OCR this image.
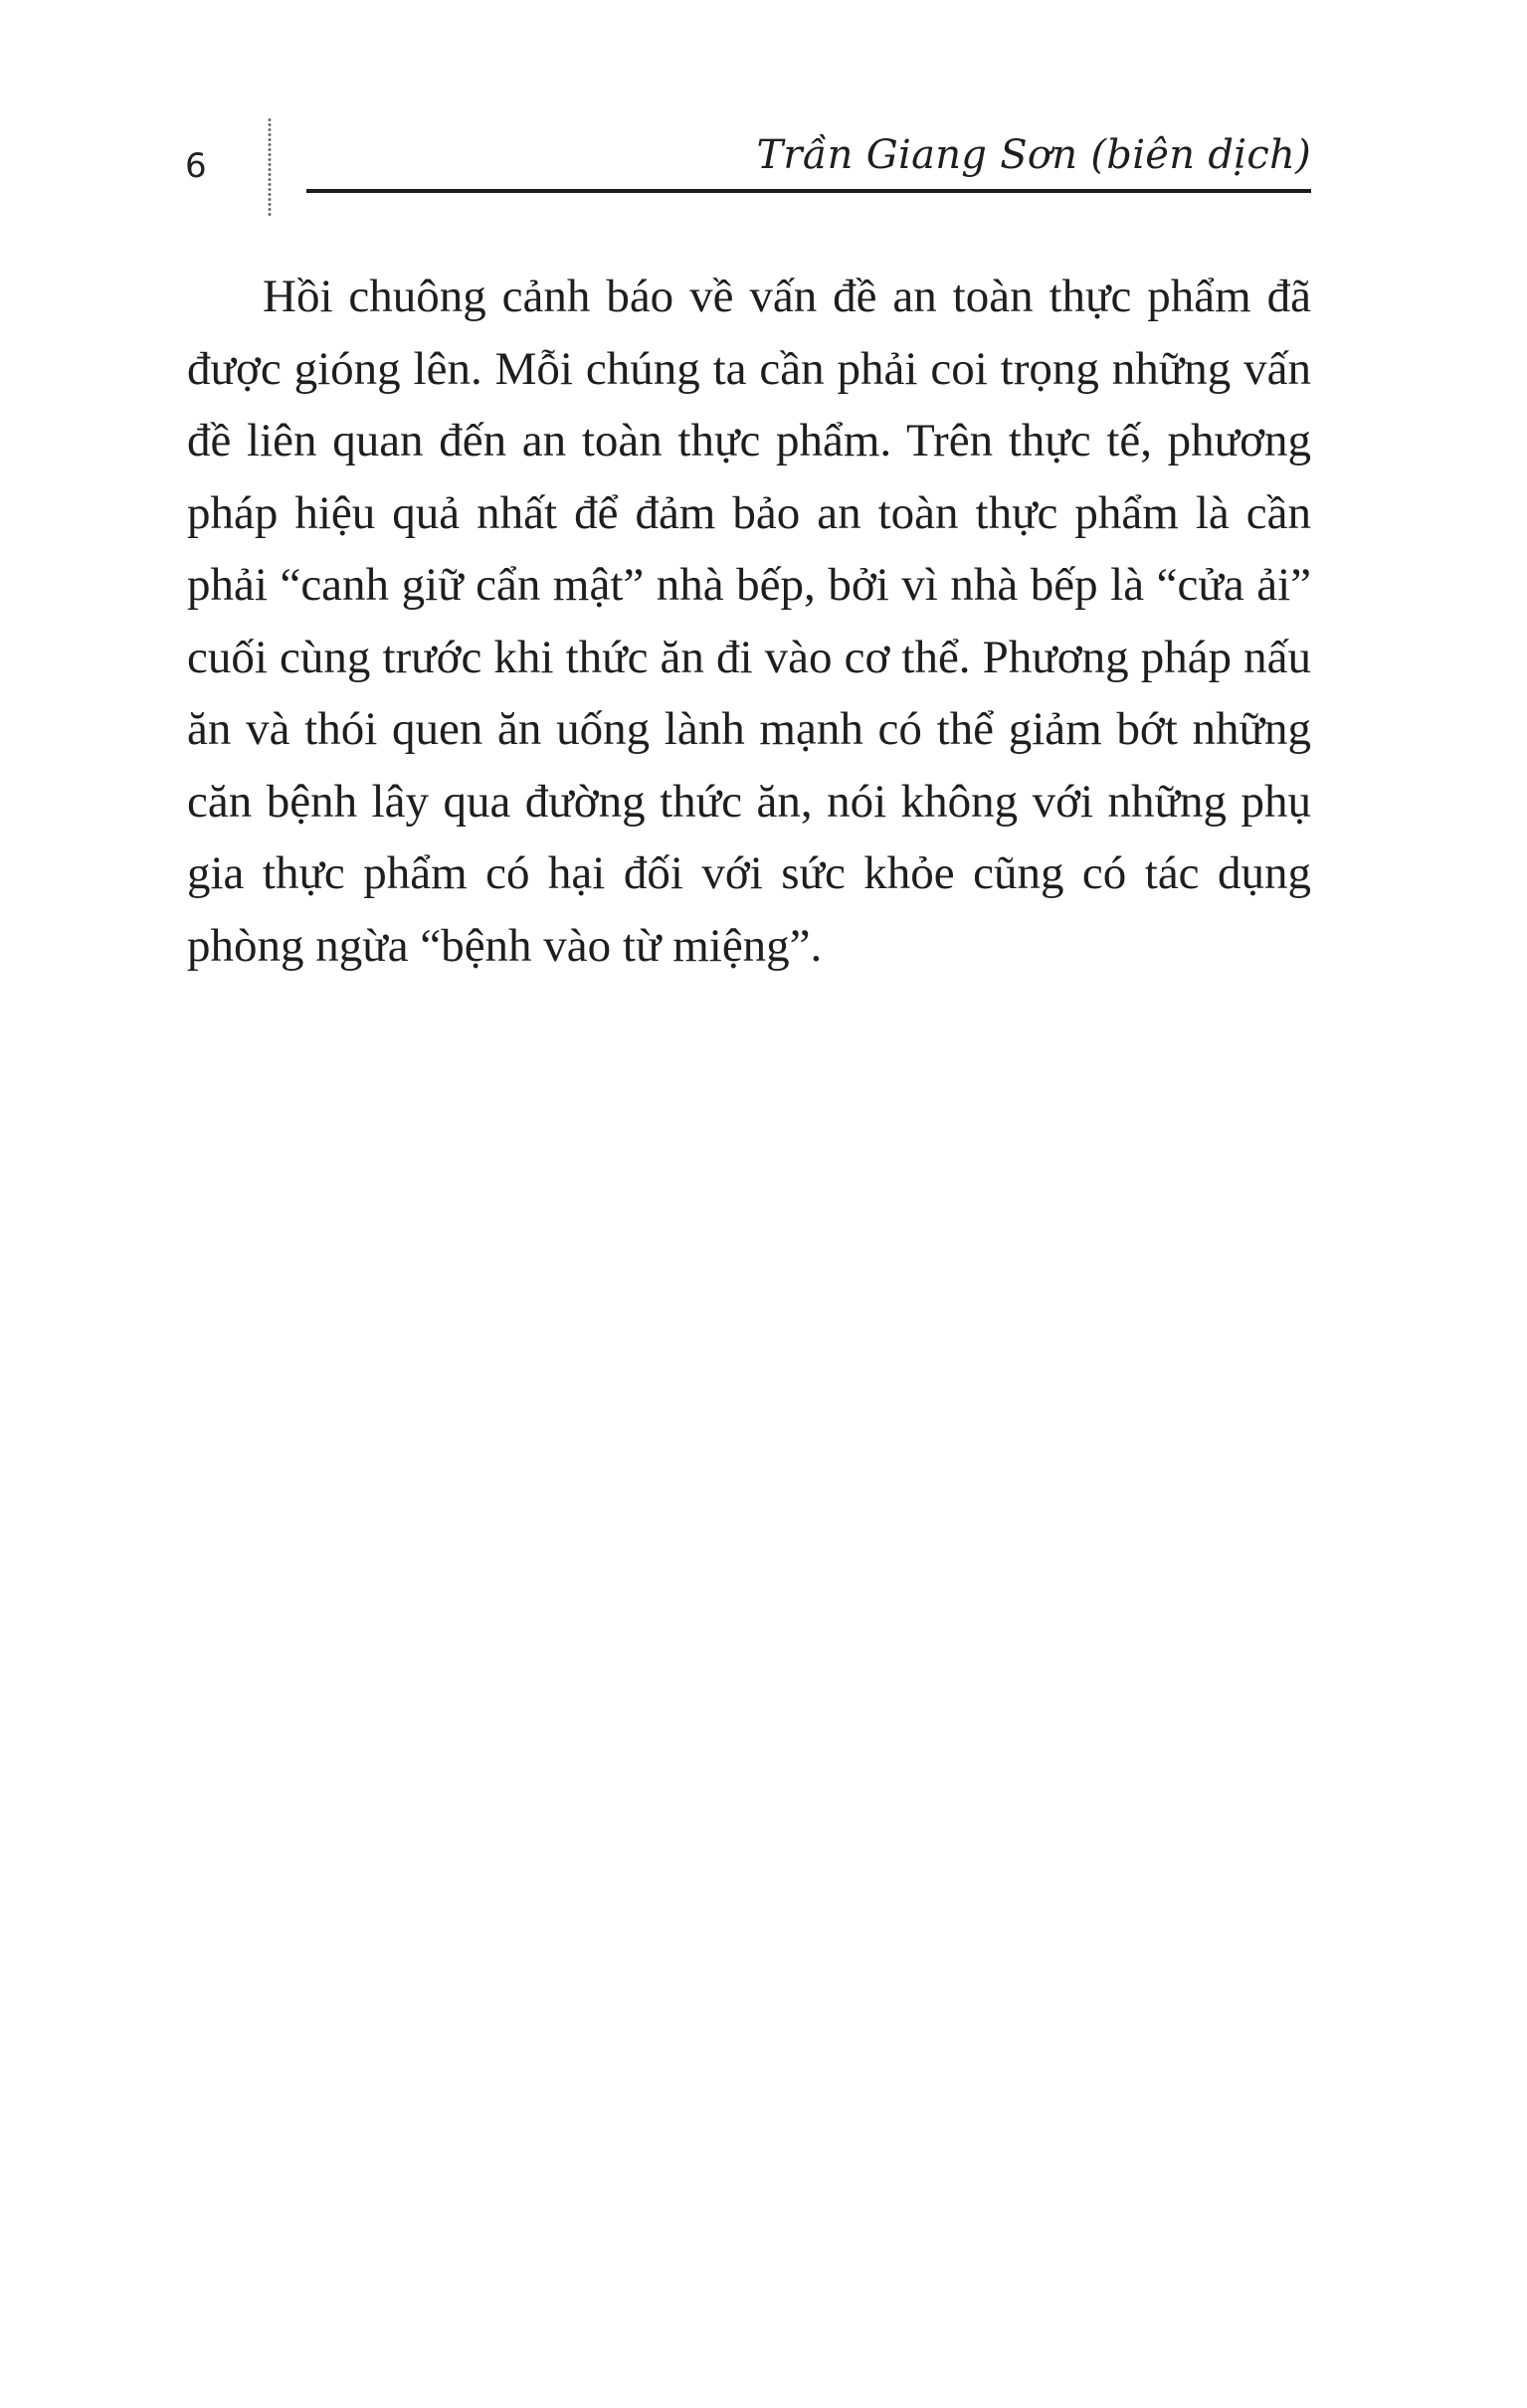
6	Trần Giang Sơn (biên dịch)

Hồi chuông cảnh báo về vấn đề an toàn thực phẩm đã được gióng lên. Mỗi chúng ta cần phải coi trọng những vấn đề liên quan đến an toàn thực phẩm. Trên thực tế, phương pháp hiệu quả nhất để đảm bảo an toàn thực phẩm là cần phải “canh giữ cẩn mật” nhà bếp, bởi vì nhà bếp là “cửa ải” cuối cùng trước khi thức ăn đi vào cơ thể. Phương pháp nấu ăn và thói quen ăn uống lành mạnh có thể giảm bớt những căn bệnh lây qua đường thức ăn, nói không với những phụ gia thực phẩm có hại đối với sức khỏe cũng có tác dụng phòng ngừa “bệnh vào từ miệng”.
